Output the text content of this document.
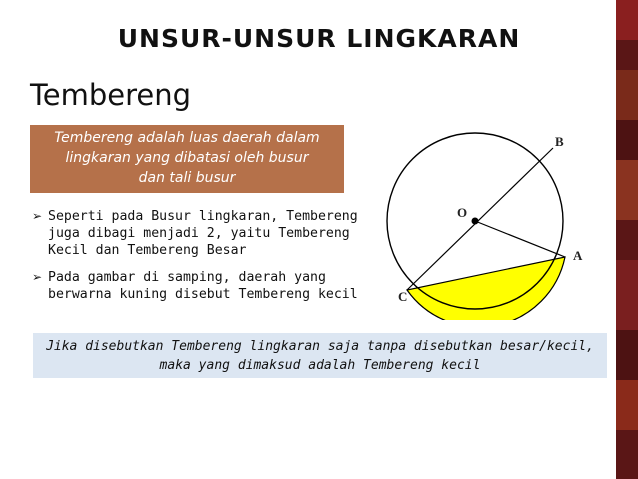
UNSUR-UNSUR LINGKARAN
Tembereng
Tembereng adalah luas daerah dalam
lingkaran yang dibatasi oleh busur
dan tali busur
➢ Seperti pada Busur lingkaran, Tembereng
juga dibagi menjadi 2, yaitu Tembereng
Kecil dan Tembereng Besar
➢ Pada gambar di samping, daerah yang
berwarna kuning disebut Tembereng kecil
O
A
B
C
Jika disebutkan Tembereng lingkaran saja tanpa disebutkan besar/kecil,
maka yang dimaksud adalah Tembereng kecil
